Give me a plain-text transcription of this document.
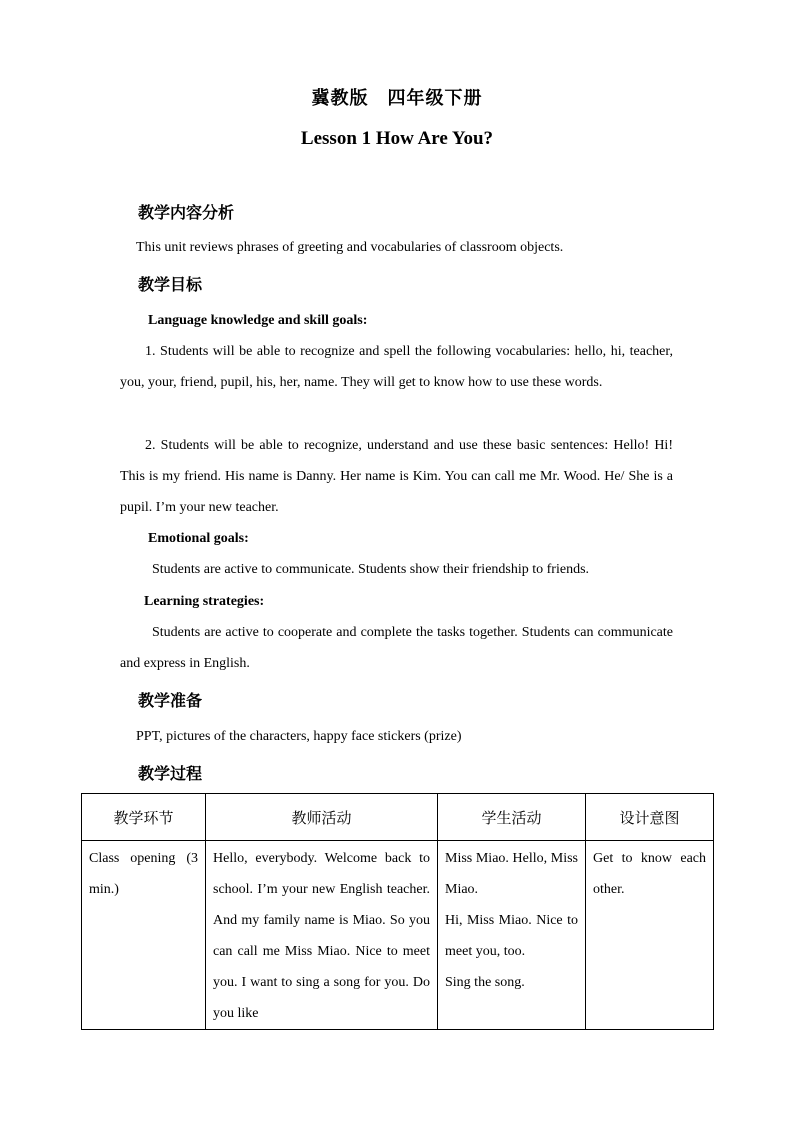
冀教版　四年级下册
Lesson 1 How Are You?
教学内容分析
This unit reviews phrases of greeting and vocabularies of classroom objects.
教学目标
Language knowledge and skill goals:
1. Students will be able to recognize and spell the following vocabularies: hello, hi, teacher, you, your, friend, pupil, his, her, name. They will get to know how to use these words.
2. Students will be able to recognize, understand and use these basic sentences: Hello! Hi! This is my friend. His name is Danny. Her name is Kim. You can call me Mr. Wood. He/ She is a pupil. I’m your new teacher.
Emotional goals:
Students are active to communicate. Students show their friendship to friends.
Learning strategies:
Students are active to cooperate and complete the tasks together. Students can communicate and express in English.
教学准备
PPT, pictures of the characters, happy face stickers (prize)
教学过程
教学环节	教师活动	学生活动	设计意图
Class opening (3 min.)	Hello, everybody. Welcome back to school. I’m your new English teacher. And my family name is Miao. So you can call me Miss Miao. Nice to meet you. I want to sing a song for you. Do you like	Miss Miao. Hello, Miss Miao.
Hi, Miss Miao. Nice to meet you, too.
Sing the song.	Get to know each other.
